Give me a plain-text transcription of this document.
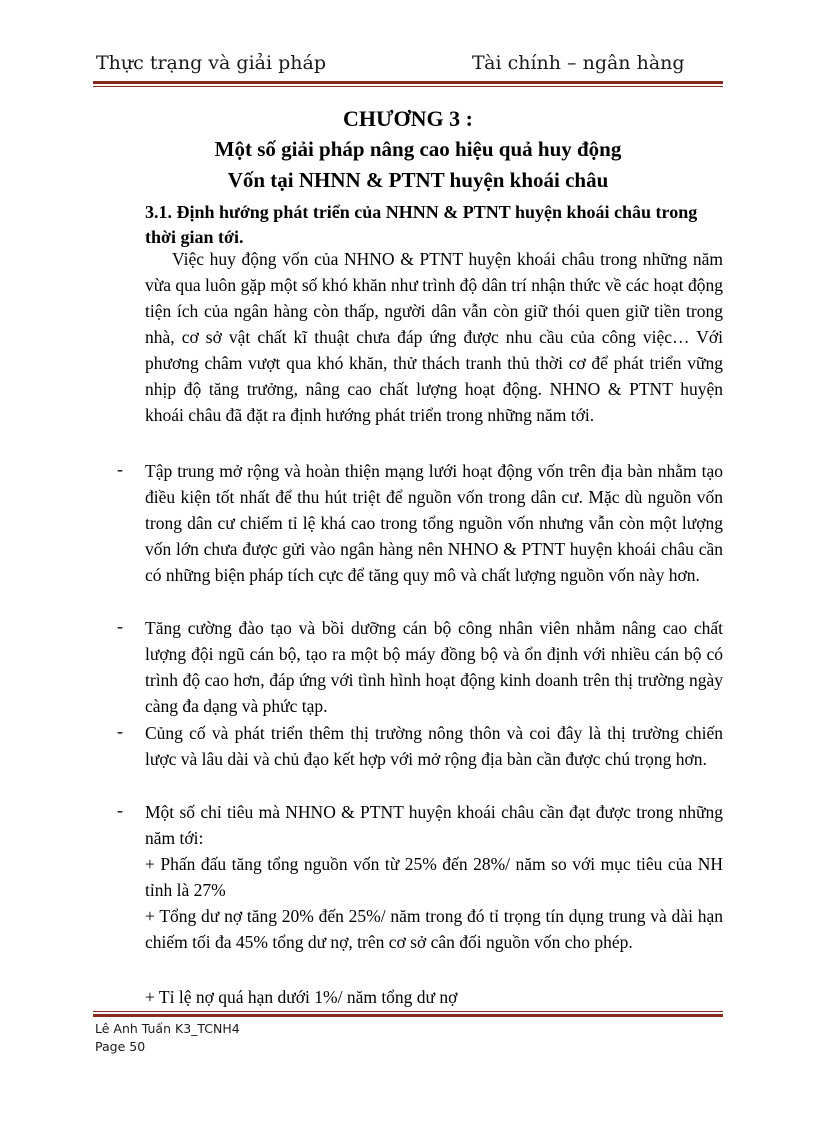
Thực trạng và giải pháp	Tài chính – ngân hàng
CHƯƠNG 3 :
Một số giải pháp nâng cao hiệu quả huy động
Vốn tại NHNN & PTNT huyện khoái châu
3.1. Định hướng phát triển của NHNN & PTNT huyện khoái châu trong thời gian tới.
Việc huy động vốn của NHNO & PTNT huyện khoái châu trong những năm vừa qua luôn gặp một số khó khăn như trình độ dân trí nhận thức về các hoạt động tiện ích của ngân hàng còn thấp, người dân vẫn còn giữ thói quen giữ tiền trong nhà, cơ sở vật chất kĩ thuật chưa đáp ứng được nhu cầu của công việc… Với phương châm vượt qua khó khăn, thử thách tranh thủ thời cơ để phát triển vững nhịp độ tăng trưởng, nâng cao chất lượng hoạt động. NHNO & PTNT huyện khoái châu đã đặt ra định hướng phát triển trong những năm tới.
- Tập trung mở rộng và hoàn thiện mạng lưới hoạt động vốn trên địa bàn nhằm tạo điều kiện tốt nhất để thu hút triệt để nguồn vốn trong dân cư. Mặc dù nguồn vốn trong dân cư chiếm tỉ lệ khá cao trong tổng nguồn vốn nhưng vẫn còn một lượng vốn lớn chưa được gửi vào ngân hàng nên NHNO & PTNT huyện khoái châu cần có những biện pháp tích cực để tăng quy mô và chất lượng nguồn vốn này hơn.
- Tăng cường đào tạo và bồi dưỡng cán bộ công nhân viên nhằm nâng cao chất lượng đội ngũ cán bộ, tạo ra một bộ máy đồng bộ và ổn định với nhiều cán bộ có trình độ cao hơn, đáp ứng với tình hình hoạt động kinh doanh trên thị trường ngày càng đa dạng và phức tạp.
- Củng cố và phát triển thêm thị trường nông thôn và coi đây là thị trường chiến lược và lâu dài và chủ đạo kết hợp với mở rộng địa bàn cần được chú trọng hơn.
- Một số chỉ tiêu mà NHNO & PTNT huyện khoái châu cần đạt được trong những năm tới:
+ Phấn đấu tăng tổng nguồn vốn từ 25% đến 28%/ năm so với mục tiêu của NH tỉnh là 27%
+ Tổng dư nợ tăng 20% đến 25%/ năm trong đó tỉ trọng tín dụng trung và dài hạn chiếm tối đa 45% tổng dư nợ, trên cơ sở cân đối nguồn vốn cho phép.
+ Tỉ lệ nợ quá hạn dưới 1%/ năm tổng dư nợ
Lê Anh Tuấn K3_TCNH4
Page 50
